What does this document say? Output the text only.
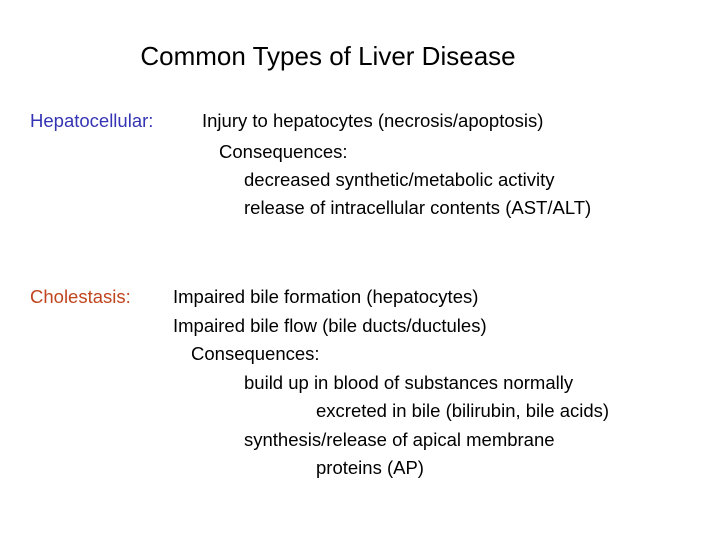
Common Types of Liver Disease
Hepatocellular:	Injury to hepatocytes (necrosis/apoptosis)
Consequences:
decreased synthetic/metabolic activity
release of intracellular contents (AST/ALT)
Cholestasis: Impaired bile formation (hepatocytes)
Impaired bile flow (bile ducts/ductules)
Consequences:
build up in blood of substances normally
excreted in bile (bilirubin, bile acids)
synthesis/release of apical membrane
proteins (AP)
